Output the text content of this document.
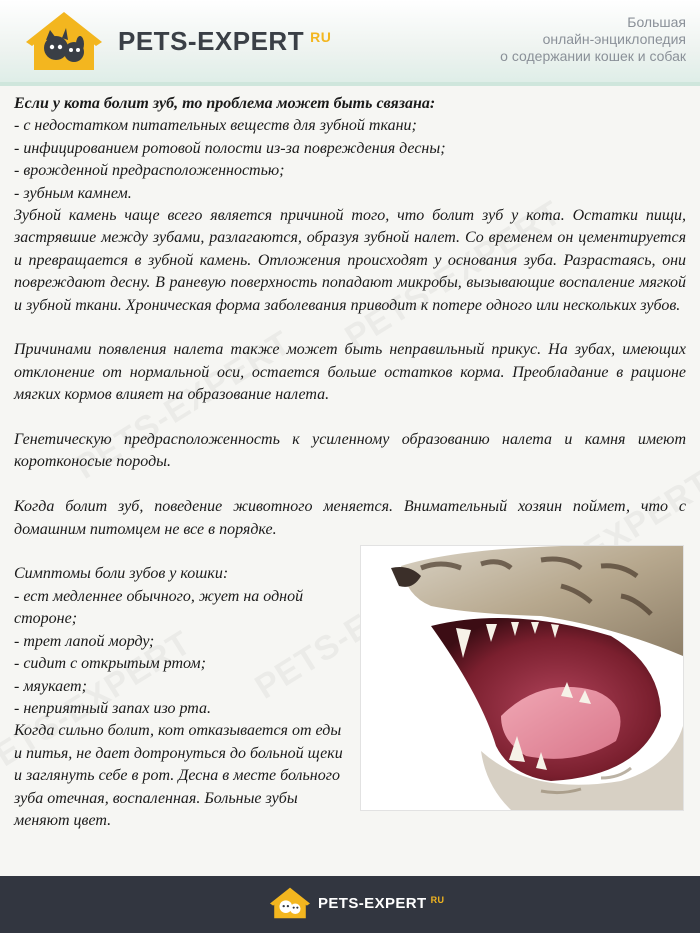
PETS-EXPERT $^{RU}$
Большая
онлайн-энциклопедия
о содержании кошек и собак

Если у кота болит зуб, то проблема может быть связана:

- с недостатком питательных веществ для зубной ткани;

- инфицированием ротовой полости из-за повреждения десны;

- врожденной предрасположенностью;

- зубным камнем.

Зубной камень чаще всего является причиной того, что болит зуб у кота. Остатки пищи, застрявшие между зубами, разлагаются, образуя зубной налет. Со временем он цементируется и превращается в зубной камень. Отложения происходят у основания зуба. Разрастаясь, они повреждают десну. В раневую поверхность попадают микробы, вызывающие воспаление мягкой и зубной ткани. Хроническая форма заболевания приводит к потере одного или нескольких зубов.

Причинами появления налета также может быть неправильный прикус. На зубах, имеющих отклонение от нормальной оси, остается больше остатков корма. Преобладание в рационе мягких кормов влияет на образование налета.

Генетическую предрасположенность к усиленному образованию налета и камня имеют коротконосые породы.

Когда болит зуб, поведение животного меняется. Внимательный хозяин поймет, что с домашним питомцем не все в порядке.

Симптомы боли зубов у кошки:

- ест медленнее обычного, жует на одной стороне;

- трет лапой морду;

- сидит с открытым ртом;

- мяукает;

- неприятный запах изо рта.

Когда сильно болит, кот отказывается от еды и питья, не дает дотронуться до больной щеки и заглянуть себе в рот. Десна в месте больного зуба отечная, воспаленная. Больные зубы меняют цвет.

PETS-EXPERT $^{RU}$
